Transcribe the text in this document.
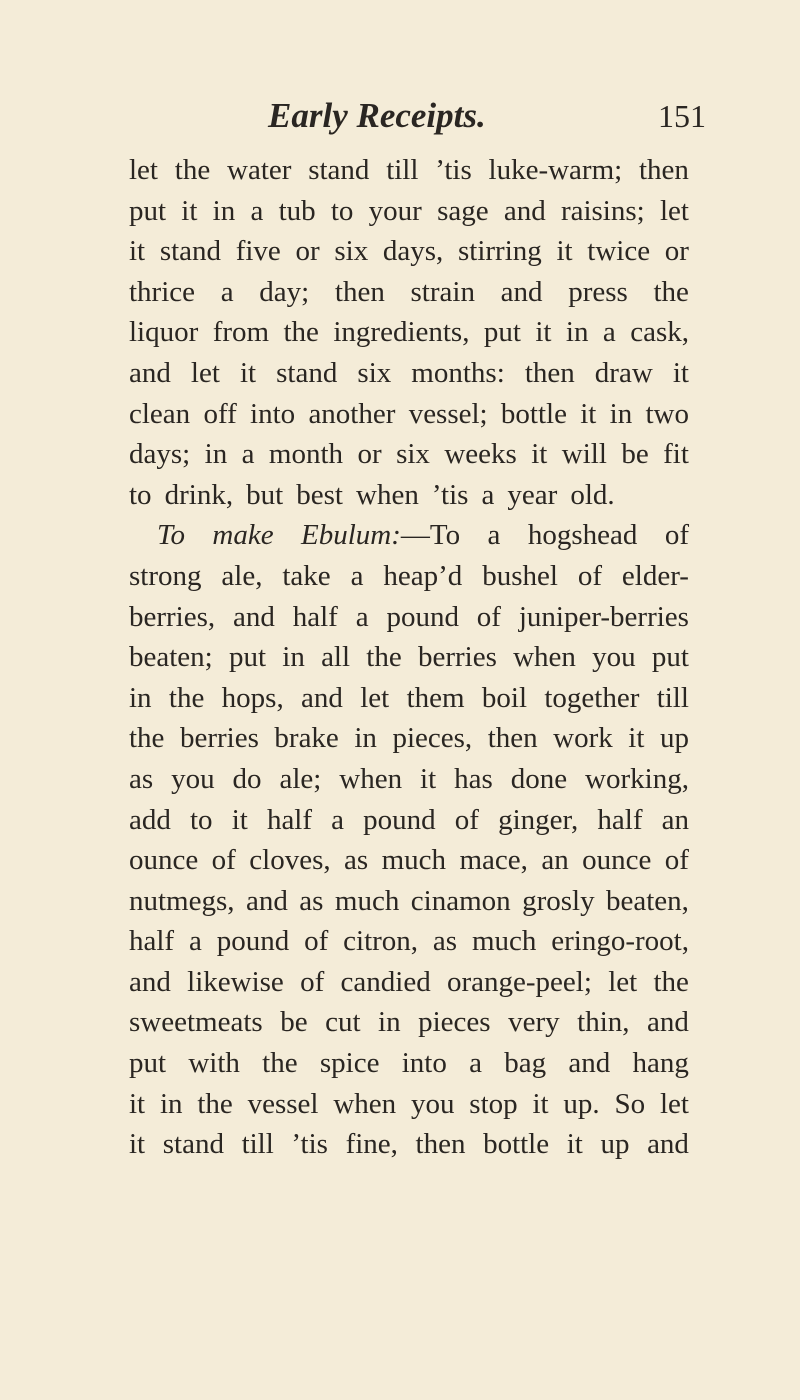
Early Receipts.	151
let the water stand till ’tis luke-warm; then
put it in a tub to your sage and raisins; let
it stand five or six days, stirring it twice or
thrice a day; then strain and press the
liquor from the ingredients, put it in a cask,
and let it stand six months: then draw it
clean off into another vessel; bottle it in two
days; in a month or six weeks it will be fit
to drink, but best when ’tis a year old.
To make Ebulum:—To a hogshead of
strong ale, take a heap’d bushel of elder-
berries, and half a pound of juniper-berries
beaten; put in all the berries when you put
in the hops, and let them boil together till
the berries brake in pieces, then work it up
as you do ale; when it has done working,
add to it half a pound of ginger, half an
ounce of cloves, as much mace, an ounce of
nutmegs, and as much cinamon grosly beaten,
half a pound of citron, as much eringo-root,
and likewise of candied orange-peel; let the
sweetmeats be cut in pieces very thin, and
put with the spice into a bag and hang
it in the vessel when you stop it up. So let
it stand till ’tis fine, then bottle it up and
